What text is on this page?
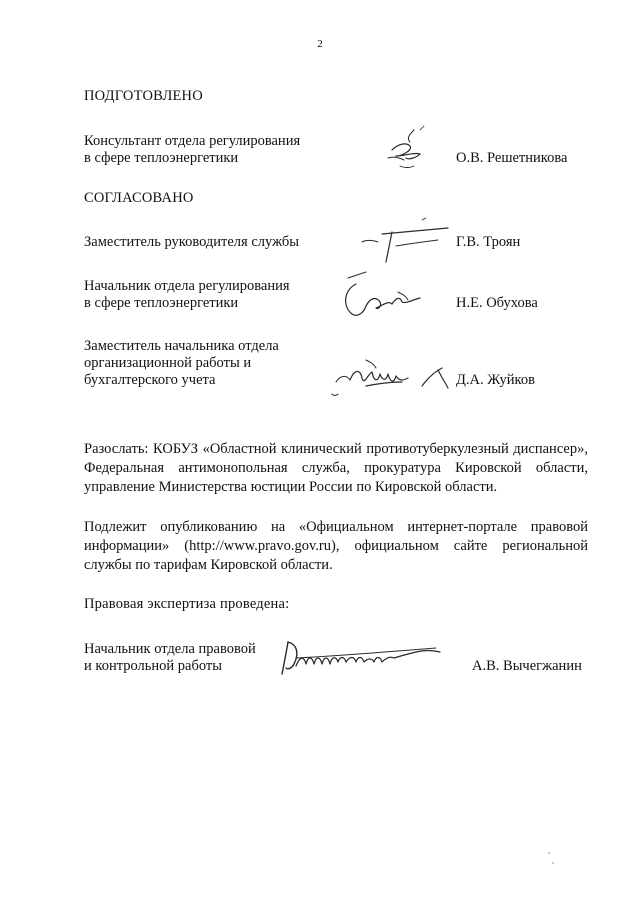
2
ПОДГОТОВЛЕНО
Консультант отдела регулирования
в сфере теплоэнергетики	О.В. Решетникова
СОГЛАСОВАНО
Заместитель руководителя службы	Г.В. Троян
Начальник отдела регулирования
в сфере теплоэнергетики	Н.Е. Обухова
Заместитель начальника отдела
организационной работы и
бухгалтерского учета	Д.А. Жуйков
Разослать: КОБУЗ «Областной клинический противотуберкулезный диспансер», Федеральная антимонопольная служба, прокуратура Кировской области, управление Министерства юстиции России по Кировской области.
Подлежит опубликованию на «Официальном интернет-портале правовой информации» (http://www.pravo.gov.ru), официальном сайте региональной службы по тарифам Кировской области.
Правовая экспертиза проведена:
Начальник отдела правовой
и контрольной работы	А.В. Вычегжанин
